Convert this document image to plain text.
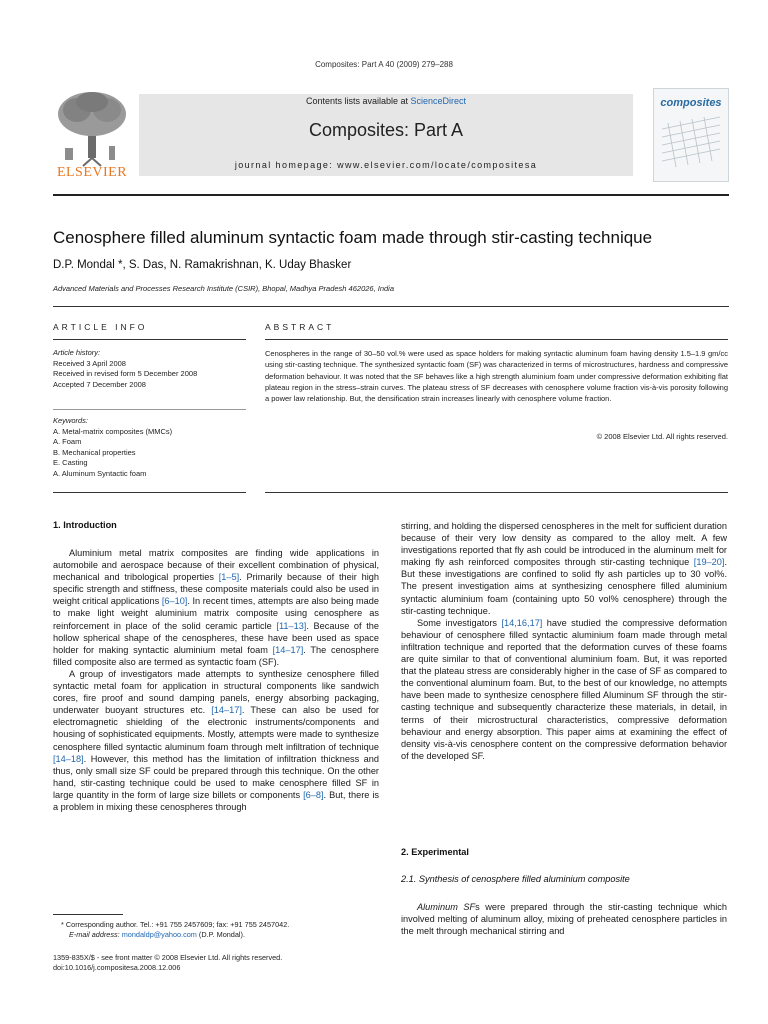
Composites: Part A 40 (2009) 279–288
ELSEVIER
Contents lists available at ScienceDirect
Composites: Part A
journal homepage: www.elsevier.com/locate/compositesa
composites
Cenosphere filled aluminum syntactic foam made through stir-casting technique
D.P. Mondal *, S. Das, N. Ramakrishnan, K. Uday Bhasker
Advanced Materials and Processes Research Institute (CSIR), Bhopal, Madhya Pradesh 462026, India
ARTICLE INFO	ABSTRACT
Article history:
Received 3 April 2008
Received in revised form 5 December 2008
Accepted 7 December 2008
Keywords:
A. Metal-matrix composites (MMCs)
A. Foam
B. Mechanical properties
E. Casting
A. Aluminum Syntactic foam
Cenospheres in the range of 30–50 vol.% were used as space holders for making syntactic aluminum foam having density 1.5–1.9 gm/cc using stir-casting technique. The synthesized syntactic foam (SF) was characterized in terms of microstructures, hardness and compressive deformation behaviour. It was noted that the SF behaves like a high strength aluminium foam under compressive deformation exhibiting flat plateau region in the stress–strain curves. The plateau stress of SF decreases with cenosphere volume fraction vis-à-vis porosity following a power law relationship. But, the densification strain increases linearly with cenosphere volume fraction.
© 2008 Elsevier Ltd. All rights reserved.
1. Introduction

Aluminium metal matrix composites are finding wide applications in automobile and aerospace because of their excellent combination of physical, mechanical and tribological properties [1–5]. Primarily because of their high specific strength and stiffness, these composite materials could also be used in weight critical applications [6–10]. In recent times, attempts are also being made to make light weight aluminium matrix composite using cenosphere as reinforcement in place of the solid ceramic particle [11–13]. Because of the hollow spherical shape of the cenospheres, these have been used as space holder for making syntactic aluminium metal foam [14–17]. The cenosphere filled composite also are termed as syntactic foam (SF).

A group of investigators made attempts to synthesize cenosphere filled syntactic metal foam for application in structural components like sandwich cores, fire proof and sound damping panels, energy absorbing packaging, underwater buoyant structures etc. [14–17]. These can also be used for electromagnetic shielding of the electronic instruments/components and housing of sophisticated equipments. Mostly, attempts were made to synthesize cenosphere filled syntactic aluminum foam through melt infiltration of technique [14–18]. However, this method has the limitation of infiltration thickness and thus, only small size SF could be prepared through this technique. On the other hand, stir-casting technique could be used to make cenosphere filled SF in large quantity in the form of large size billets or components [6–8]. But, there is a problem in mixing these cenospheres through

stirring, and holding the dispersed cenospheres in the melt for sufficient duration because of their very low density as compared to the alloy melt. A few investigations reported that fly ash could be introduced in the aluminum melt for making fly ash reinforced composites through stir-casting technique [19–20]. But these investigations are confined to solid fly ash particles up to 30 vol%. The present investigation aims at synthesizing cenosphere filled aluminium syntactic aluminium foam (containing upto 50 vol% cenosphere) through the stir-casting technique.

Some investigators [14,16,17] have studied the compressive deformation behaviour of cenosphere filled syntactic aluminium foam made through metal infiltration technique and reported that the deformation curves of these foams are quite similar to that of conventional aluminium foam. But, it was reported that the plateau stress are considerably higher in the case of SF as compared to the conventional aluminum foam. But, to the best of our knowledge, no attempts have been made to synthesize cenosphere filled Aluminum SF through the stir-casting technique and subsequently characterize these materials, in detail, in terms of their microstructural characteristics, compressive deformation behaviour and energy absorption. This paper aims at examining the effect of density vis-à-vis cenosphere content on the compressive deformation behavior of the developed SF.

2. Experimental
2.1. Synthesis of cenosphere filled aluminium composite

Aluminum SFs were prepared through the stir-casting technique which involved melting of aluminum alloy, mixing of preheated cenosphere particles in the melt through mechanical stirring and

* Corresponding author. Tel.: +91 755 2457609; fax: +91 755 2457042.
E-mail address: mondaldp@yahoo.com (D.P. Mondal).
1359-835X/$ - see front matter © 2008 Elsevier Ltd. All rights reserved.
doi:10.1016/j.compositesa.2008.12.006
